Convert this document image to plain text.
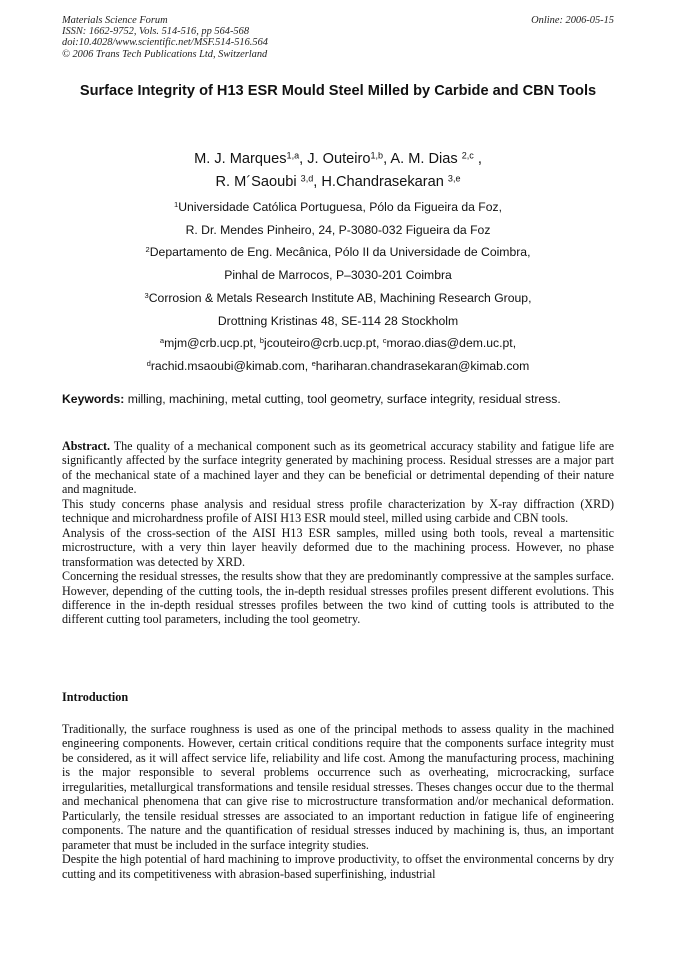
Materials Science Forum
ISSN: 1662-9752, Vols. 514-516, pp 564-568
doi:10.4028/www.scientific.net/MSF.514-516.564
© 2006 Trans Tech Publications Ltd, Switzerland
Online: 2006-05-15
Surface Integrity of H13 ESR Mould Steel Milled by Carbide and CBN Tools
M. J. Marques$^{1,a}$, J. Outeiro$^{1,b}$, A. M. Dias $^{2,c}$ ,
R. M´Saoubi $^{3,d}$, H.Chandrasekaran $^{3,e}$
$^1$Universidade Católica Portuguesa, Pólo da Figueira da Foz,
R. Dr. Mendes Pinheiro, 24, P-3080-032 Figueira da Foz
$^2$Departamento de Eng. Mecânica, Pólo II da Universidade de Coimbra,
Pinhal de Marrocos, P–3030-201 Coimbra
$^3$Corrosion & Metals Research Institute AB, Machining Research Group,
Drottning Kristinas 48, SE-114 28 Stockholm
$^a$mjm@crb.ucp.pt, $^b$jcouteiro@crb.ucp.pt, $^c$morao.dias@dem.uc.pt,
$^d$rachid.msaoubi@kimab.com, $^e$hariharan.chandrasekaran@kimab.com
Keywords: milling, machining, metal cutting, tool geometry, surface integrity, residual stress.

Abstract. The quality of a mechanical component such as its geometrical accuracy stability and fatigue life are significantly affected by the surface integrity generated by machining process. Residual stresses are a major part of the mechanical state of a machined layer and they can be beneficial or detrimental depending of their nature and magnitude.

This study concerns phase analysis and residual stress profile characterization by X-ray diffraction (XRD) technique and microhardness profile of AISI H13 ESR mould steel, milled using carbide and CBN tools.

Analysis of the cross-section of the AISI H13 ESR samples, milled using both tools, reveal a martensitic microstructure, with a very thin layer heavily deformed due to the machining process. However, no phase transformation was detected by XRD.

Concerning the residual stresses, the results show that they are predominantly compressive at the samples surface. However, depending of the cutting tools, the in-depth residual stresses profiles present different evolutions. This difference in the in-depth residual stresses profiles between the two kind of cutting tools is attributed to the different cutting tool parameters, including the tool geometry.

Introduction

Traditionally, the surface roughness is used as one of the principal methods to assess quality in the machined engineering components. However, certain critical conditions require that the components surface integrity must be considered, as it will affect service life, reliability and life cost. Among the manufacturing process, machining is the major responsible to several problems occurrence such as overheating, microcracking, surface irregularities, metallurgical transformations and tensile residual stresses. Theses changes occur due to the thermal and mechanical phenomena that can give rise to microstructure transformation and/or mechanical deformation. Particularly, the tensile residual stresses are associated to an important reduction in fatigue life of engineering components. The nature and the quantification of residual stresses induced by machining is, thus, an important parameter that must be included in the surface integrity studies.

Despite the high potential of hard machining to improve productivity, to offset the environmental concerns by dry cutting and its competitiveness with abrasion-based superfinishing, industrial
